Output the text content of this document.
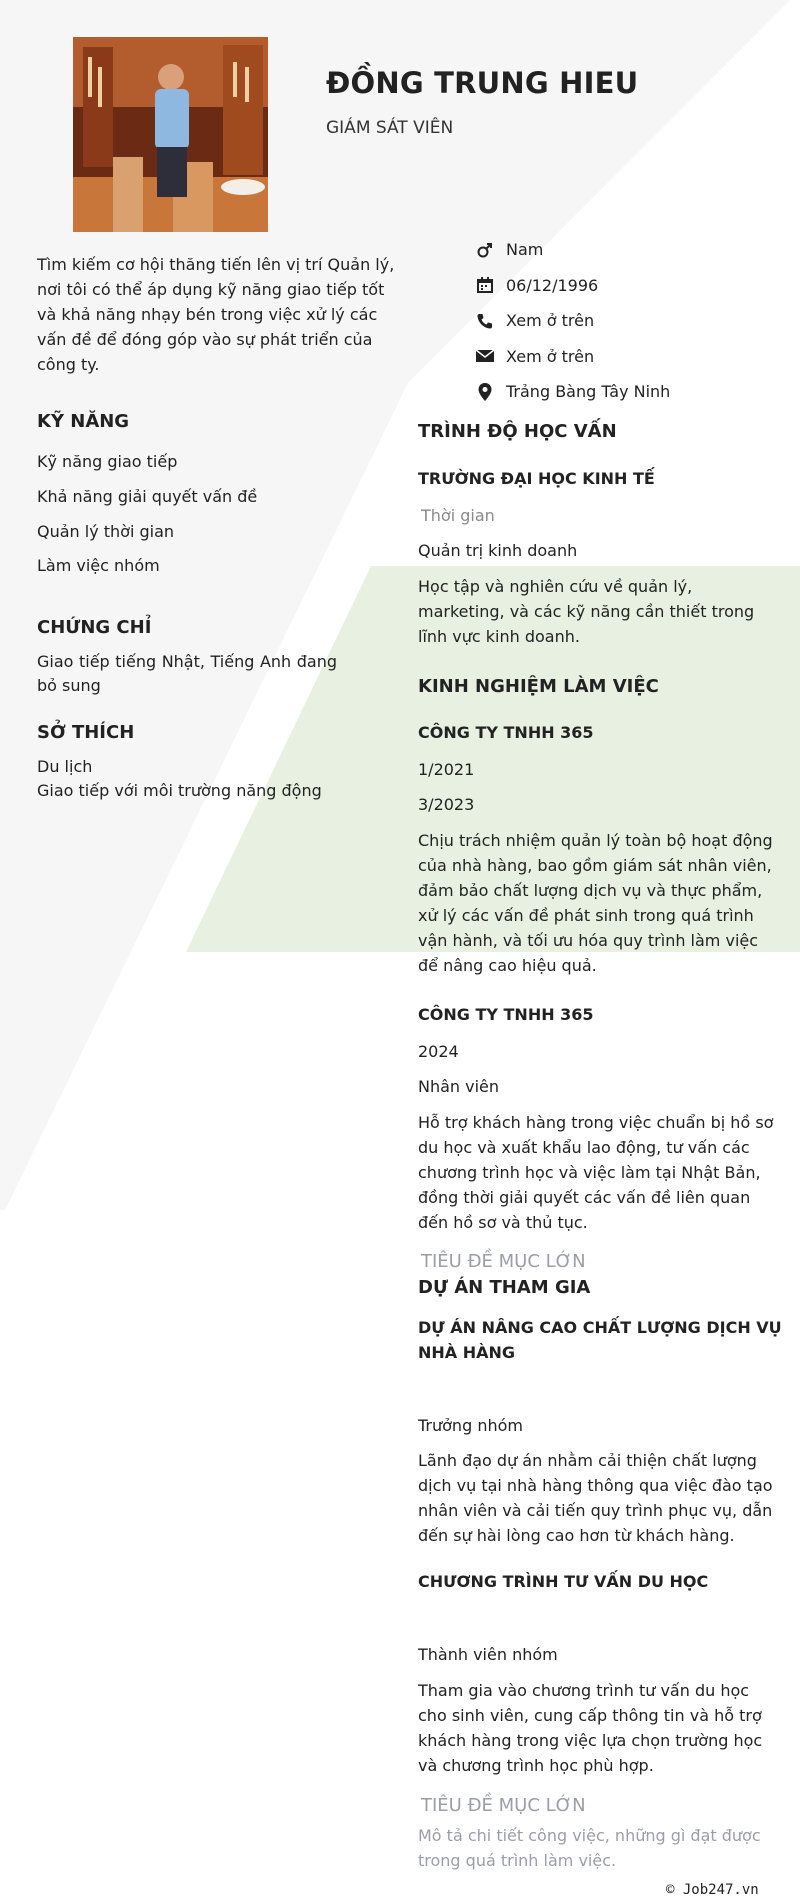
ĐỒNG TRUNG HIEU
GIÁM SÁT VIÊN
Tìm kiếm cơ hội thăng tiến lên vị trí Quản lý, nơi tôi có thể áp dụng kỹ năng giao tiếp tốt và khả năng nhạy bén trong việc xử lý các vấn đề để đóng góp vào sự phát triển của công ty.
Nam
06/12/1996
Xem ở trên
Xem ở trên
Trảng Bàng Tây Ninh
KỸ NĂNG
Kỹ năng giao tiếp
Khả năng giải quyết vấn đề
Quản lý thời gian
Làm việc nhóm
CHỨNG CHỈ
Giao tiếp tiếng Nhật, Tiếng Anh đang
bỏ sung
SỞ THÍCH
Du lịch
Giao tiếp với môi trường năng động
TRÌNH ĐỘ HỌC VẤN
TRƯỜNG ĐẠI HỌC KINH TẾ
Thời gian
Quản trị kinh doanh
Học tập và nghiên cứu về quản lý, marketing, và các kỹ năng cần thiết trong lĩnh vực kinh doanh.
KINH NGHIỆM LÀM VIỆC
CÔNG TY TNHH 365
1/2021
3/2023
Chịu trách nhiệm quản lý toàn bộ hoạt động của nhà hàng, bao gồm giám sát nhân viên, đảm bảo chất lượng dịch vụ và thực phẩm, xử lý các vấn đề phát sinh trong quá trình vận hành, và tối ưu hóa quy trình làm việc để nâng cao hiệu quả.
CÔNG TY TNHH 365
2024
Nhân viên
Hỗ trợ khách hàng trong việc chuẩn bị hồ sơ du học và xuất khẩu lao động, tư vấn các chương trình học và việc làm tại Nhật Bản, đồng thời giải quyết các vấn đề liên quan đến hồ sơ và thủ tục.
TIÊU ĐỀ MỤC LỚN
DỰ ÁN THAM GIA
DỰ ÁN NÂNG CAO CHẤT LƯỢNG DỊCH VỤ NHÀ HÀNG
Trưởng nhóm
Lãnh đạo dự án nhằm cải thiện chất lượng dịch vụ tại nhà hàng thông qua việc đào tạo nhân viên và cải tiến quy trình phục vụ, dẫn đến sự hài lòng cao hơn từ khách hàng.
CHƯƠNG TRÌNH TƯ VẤN DU HỌC
Thành viên nhóm
Tham gia vào chương trình tư vấn du học cho sinh viên, cung cấp thông tin và hỗ trợ khách hàng trong việc lựa chọn trường học và chương trình học phù hợp.
TIÊU ĐỀ MỤC LỚN
Mô tả chi tiết công việc, những gì đạt được trong quá trình làm việc.
© Job247.vn
